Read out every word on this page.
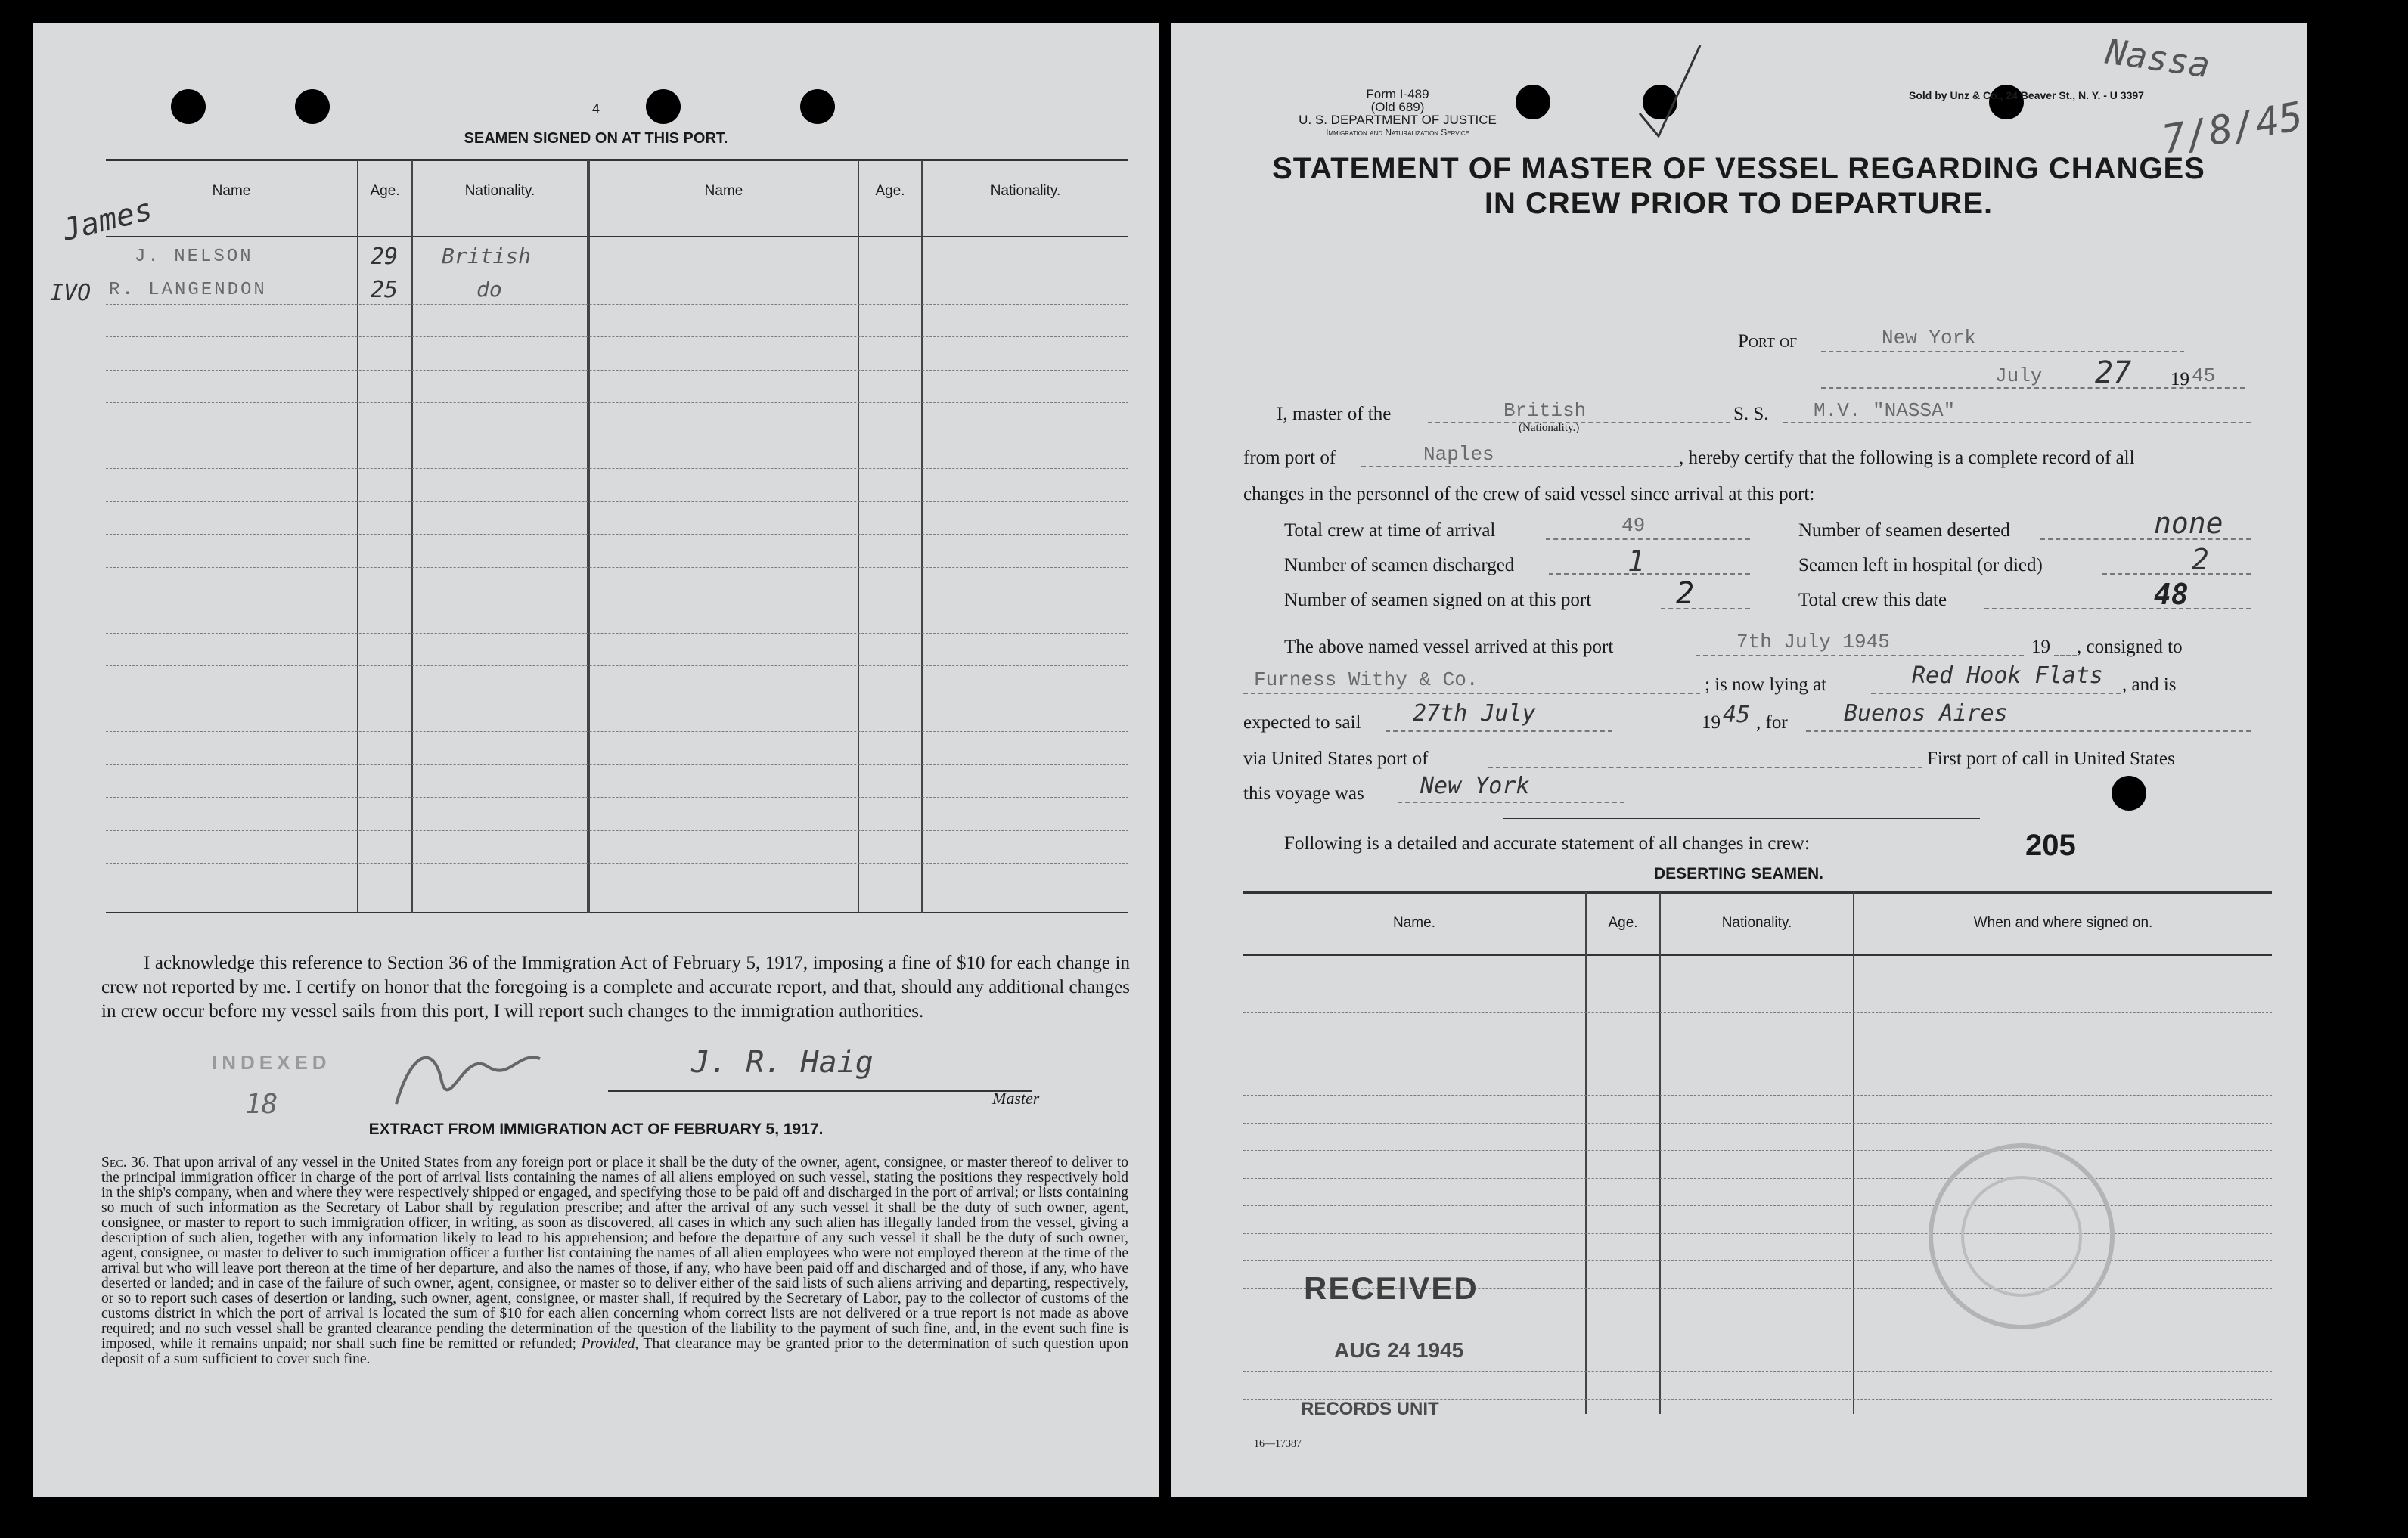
4
SEAMEN SIGNED ON AT THIS PORT.
Name	Age.	Nationality.	Name	Age.	Nationality.
James
J. NELSON	29 British
IVO R. LANGENDON	25	do
I acknowledge this reference to Section 36 of the Immigration Act of February 5, 1917, imposing a fine of $10 for each change in crew not reported by me. I certify on honor that the foregoing is a complete and accurate report, and that, should any additional changes in crew occur before my vessel sails from this port, I will report such changes to the immigration authorities.
INDEXED
18
J. R. Haig
Master
EXTRACT FROM IMMIGRATION ACT OF FEBRUARY 5, 1917.
Sec. 36. That upon arrival of any vessel in the United States from any foreign port or place it shall be the duty of the owner, agent, consignee, or master thereof to deliver to the principal immigration officer in charge of the port of arrival lists containing the names of all aliens employed on such vessel, stating the positions they respectively hold in the ship's company, when and where they were respectively shipped or engaged, and specifying those to be paid off and discharged in the port of arrival; or lists containing so much of such information as the Secretary of Labor shall by regulation prescribe; and after the arrival of any such vessel it shall be the duty of such owner, agent, consignee, or master to report to such immigration officer, in writing, as soon as discovered, all cases in which any such alien has illegally landed from the vessel, giving a description of such alien, together with any information likely to lead to his apprehension; and before the departure of any such vessel it shall be the duty of such owner, agent, consignee, or master to deliver to such immigration officer a further list containing the names of all alien employees who were not employed thereon at the time of the arrival but who will leave port thereon at the time of her departure, and also the names of those, if any, who have been paid off and discharged and of those, if any, who have deserted or landed; and in case of the failure of such owner, agent, consignee, or master so to deliver either of the said lists of such aliens arriving and departing, respectively, or so to report such cases of desertion or landing, such owner, agent, consignee, or master shall, if required by the Secretary of Labor, pay to the collector of customs of the customs district in which the port of arrival is located the sum of $10 for each alien concerning whom correct lists are not delivered or a true report is not made as above required; and no such vessel shall be granted clearance pending the determination of the question of the liability to the payment of such fine, and, in the event such fine is imposed, while it remains unpaid; nor shall such fine be remitted or refunded; Provided, That clearance may be granted prior to the determination of such question upon deposit of a sum sufficient to cover such fine.
Form I-489
(Old 689)
U. S. DEPARTMENT OF JUSTICE
Immigration and Naturalization Service
Sold by Unz & Co., 24 Beaver St., N. Y. - U 3397
Nassa
7/8/45
STATEMENT OF MASTER OF VESSEL REGARDING CHANGES
IN CREW PRIOR TO DEPARTURE.
Port of	New York
July 27 19 45
I, master of the	British
(Nationality.)
S. S. M.V. "NASSA"
from port of	Naples	, hereby certify that the following is a complete record of all
changes in the personnel of the crew of said vessel since arrival at this port:
Total crew at time of arrival	49	Number of seamen deserted	none
Number of seamen discharged	1	Seamen left in hospital (or died)	2
Number of seamen signed on at this port	2	Total crew this date	48
The above named vessel arrived at this port	7th July 1945	19 , consigned to
Furness Withy & Co.	; is now lying at	Red Hook Flats , and is
expected to sail 27th July	19 45 , for Buenos Aires
via United States port of	First port of call in United States
this voyage was New York
Following is a detailed and accurate statement of all changes in crew:	205
DESERTING SEAMEN.
Name.	Age.	Nationality.	When and where signed on.
RECEIVED
AUG 24 1945
RECORDS UNIT
16—17387
